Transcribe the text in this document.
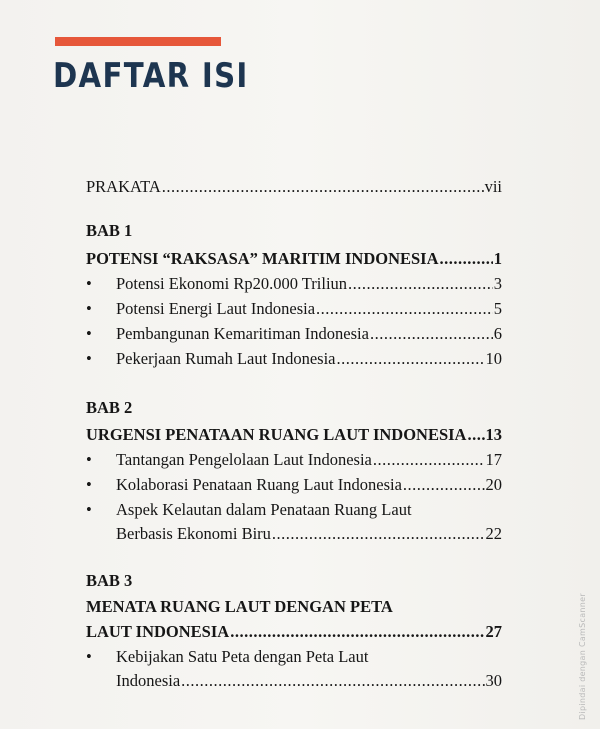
DAFTAR ISI
PRAKATA .....	vii
BAB 1
POTENSI “RAKSASA” MARITIM INDONESIA .....	1
• Potensi Ekonomi Rp20.000 Triliun .....	3
• Potensi Energi Laut Indonesia .....	5
• Pembangunan Kemaritiman Indonesia .....	6
• Pekerjaan Rumah Laut Indonesia .....	10
BAB 2
URGENSI PENATAAN RUANG LAUT INDONESIA ..... 13
• Tantangan Pengelolaan Laut Indonesia .....	17
• Kolaborasi Penataan Ruang Laut Indonesia .....	20
• Aspek Kelautan dalam Penataan Ruang Laut
Berbasis Ekonomi Biru .....	22
BAB 3
MENATA RUANG LAUT DENGAN PETA
LAUT INDONESIA .....	27
• Kebijakan Satu Peta dengan Peta Laut
Indonesia .....	30	Dipindai dengan CamScanner
